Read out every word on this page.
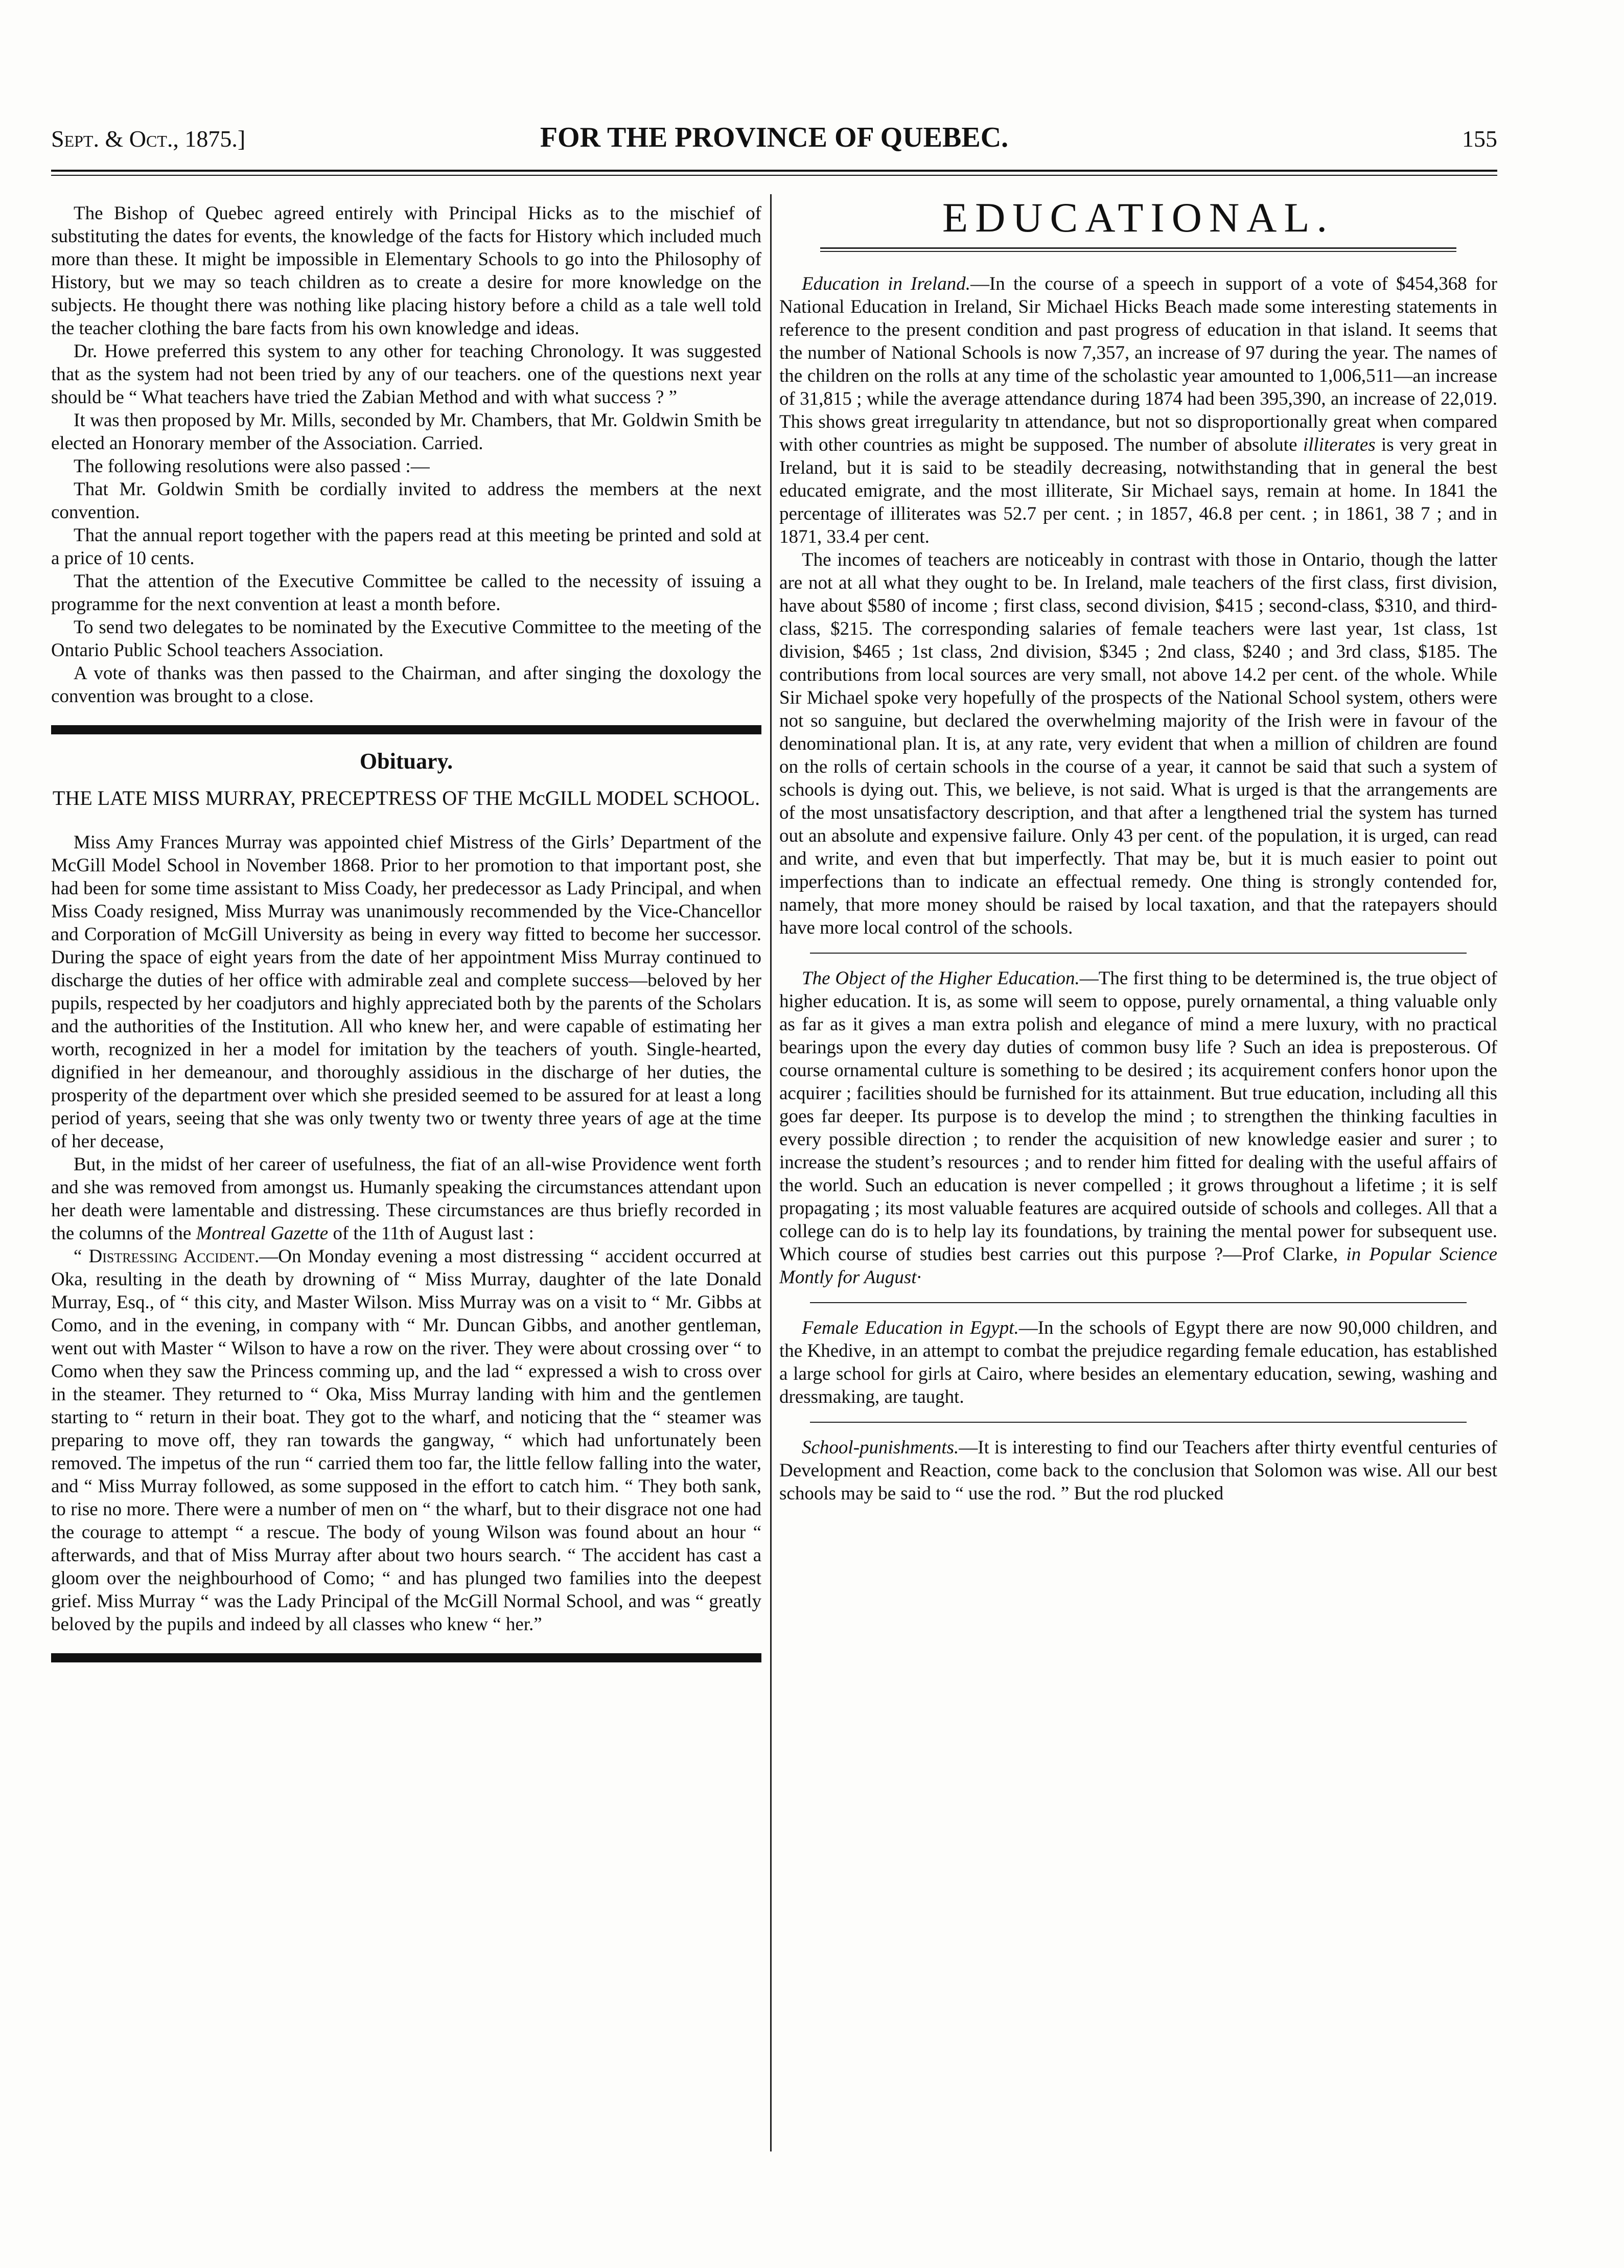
Sept. & Oct., 1875.]	FOR THE PROVINCE OF QUEBEC.	155

The Bishop of Quebec agreed entirely with Principal Hicks as to the mischief of substituting the dates for events, the knowledge of the facts for History which included much more than these. It might be impossible in Elementary Schools to go into the Philosophy of History, but we may so teach children as to create a desire for more knowledge on the subjects. He thought there was nothing like placing history before a child as a tale well told the teacher clothing the bare facts from his own knowledge and ideas.

Dr. Howe preferred this system to any other for teaching Chronology. It was suggested that as the system had not been tried by any of our teachers. one of the questions next year should be “ What teachers have tried the Zabian Method and with what success ? ”

It was then proposed by Mr. Mills, seconded by Mr. Chambers, that Mr. Goldwin Smith be elected an Honorary member of the Association. Carried.

The following resolutions were also passed :—

That Mr. Goldwin Smith be cordially invited to address the members at the next convention.

That the annual report together with the papers read at this meeting be printed and sold at a price of 10 cents.

That the attention of the Executive Committee be called to the necessity of issuing a programme for the next convention at least a month before.

To send two delegates to be nominated by the Executive Committee to the meeting of the Ontario Public School teachers Association.

A vote of thanks was then passed to the Chairman, and after singing the doxology the convention was brought to a close.

Obituary.
THE LATE MISS MURRAY, PRECEPTRESS OF THE McGILL MODEL SCHOOL.

Miss Amy Frances Murray was appointed chief Mistress of the Girls’ Department of the McGill Model School in November 1868. Prior to her promotion to that important post, she had been for some time assistant to Miss Coady, her predecessor as Lady Principal, and when Miss Coady resigned, Miss Murray was unanimously recommended by the Vice-Chancellor and Corporation of McGill University as being in every way fitted to become her successor. During the space of eight years from the date of her appointment Miss Murray continued to discharge the duties of her office with admirable zeal and complete success—beloved by her pupils, respected by her coadjutors and highly appreciated both by the parents of the Scholars and the authorities of the Institution. All who knew her, and were capable of estimating her worth, recognized in her a model for imitation by the teachers of youth. Single-hearted, dignified in her demeanour, and thoroughly assidious in the discharge of her duties, the prosperity of the department over which she presided seemed to be assured for at least a long period of years, seeing that she was only twenty two or twenty three years of age at the time of her decease,

But, in the midst of her career of usefulness, the fiat of an all-wise Providence went forth and she was removed from amongst us. Humanly speaking the circumstances attendant upon her death were lamentable and distressing. These circumstances are thus briefly recorded in the columns of the Montreal Gazette of the 11th of August last :

“ Distressing Accident.—On Monday evening a most distressing “ accident occurred at Oka, resulting in the death by drowning of “ Miss Murray, daughter of the late Donald Murray, Esq., of “ this city, and Master Wilson. Miss Murray was on a visit to “ Mr. Gibbs at Como, and in the evening, in company with “ Mr. Duncan Gibbs, and another gentleman, went out with Master “ Wilson to have a row on the river. They were about crossing over “ to Como when they saw the Princess comming up, and the lad “ expressed a wish to cross over in the steamer. They returned to “ Oka, Miss Murray landing with him and the gentlemen starting to “ return in their boat. They got to the wharf, and noticing that the “ steamer was preparing to move off, they ran towards the gangway, “ which had unfortunately been removed. The impetus of the run “ carried them too far, the little fellow falling into the water, and “ Miss Murray followed, as some supposed in the effort to catch him. “ They both sank, to rise no more. There were a number of men on “ the wharf, but to their disgrace not one had the courage to attempt “ a rescue. The body of young Wilson was found about an hour “ afterwards, and that of Miss Murray after about two hours search. “ The accident has cast a gloom over the neighbourhood of Como; “ and has plunged two families into the deepest grief. Miss Murray “ was the Lady Principal of the McGill Normal School, and was “ greatly beloved by the pupils and indeed by all classes who knew “ her.”

EDUCATIONAL.

Education in Ireland.—In the course of a speech in support of a vote of $454,368 for National Education in Ireland, Sir Michael Hicks Beach made some interesting statements in reference to the present condition and past progress of education in that island. It seems that the number of National Schools is now 7,357, an increase of 97 during the year. The names of the children on the rolls at any time of the scholastic year amounted to 1,006,511—an increase of 31,815 ; while the average attendance during 1874 had been 395,390, an increase of 22,019. This shows great irregularity tn attendance, but not so disproportionally great when compared with other countries as might be supposed. The number of absolute illiterates is very great in Ireland, but it is said to be steadily decreasing, notwithstanding that in general the best educated emigrate, and the most illiterate, Sir Michael says, remain at home. In 1841 the percentage of illiterates was 52.7 per cent. ; in 1857, 46.8 per cent. ; in 1861, 38 7 ; and in 1871, 33.4 per cent.

The incomes of teachers are noticeably in contrast with those in Ontario, though the latter are not at all what they ought to be. In Ireland, male teachers of the first class, first division, have about $580 of income ; first class, second division, $415 ; second-class, $310, and third-class, $215. The corresponding salaries of female teachers were last year, 1st class, 1st division, $465 ; 1st class, 2nd division, $345 ; 2nd class, $240 ; and 3rd class, $185. The contributions from local sources are very small, not above 14.2 per cent. of the whole. While Sir Michael spoke very hopefully of the prospects of the National School system, others were not so sanguine, but declared the overwhelming majority of the Irish were in favour of the denominational plan. It is, at any rate, very evident that when a million of children are found on the rolls of certain schools in the course of a year, it cannot be said that such a system of schools is dying out. This, we believe, is not said. What is urged is that the arrangements are of the most unsatisfactory description, and that after a lengthened trial the system has turned out an absolute and expensive failure. Only 43 per cent. of the population, it is urged, can read and write, and even that but imperfectly. That may be, but it is much easier to point out imperfections than to indicate an effectual remedy. One thing is strongly contended for, namely, that more money should be raised by local taxation, and that the ratepayers should have more local control of the schools.

The Object of the Higher Education.—The first thing to be determined is, the true object of higher education. It is, as some will seem to oppose, purely ornamental, a thing valuable only as far as it gives a man extra polish and elegance of mind a mere luxury, with no practical bearings upon the every day duties of common busy life ? Such an idea is preposterous. Of course ornamental culture is something to be desired ; its acquirement confers honor upon the acquirer ; facilities should be furnished for its attainment. But true education, including all this goes far deeper. Its purpose is to develop the mind ; to strengthen the thinking faculties in every possible direction ; to render the acquisition of new knowledge easier and surer ; to increase the student’s resources ; and to render him fitted for dealing with the useful affairs of the world. Such an education is never compelled ; it grows throughout a lifetime ; it is self propagating ; its most valuable features are acquired outside of schools and colleges. All that a college can do is to help lay its foundations, by training the mental power for subsequent use. Which course of studies best carries out this purpose ?—Prof Clarke, in Popular Science Montly for August·

Female Education in Egypt.—In the schools of Egypt there are now 90,000 children, and the Khedive, in an attempt to combat the prejudice regarding female education, has established a large school for girls at Cairo, where besides an elementary education, sewing, washing and dressmaking, are taught.

School-punishments.—It is interesting to find our Teachers after thirty eventful centuries of Development and Reaction, come back to the conclusion that Solomon was wise. All our best schools may be said to “ use the rod. ” But the rod plucked
